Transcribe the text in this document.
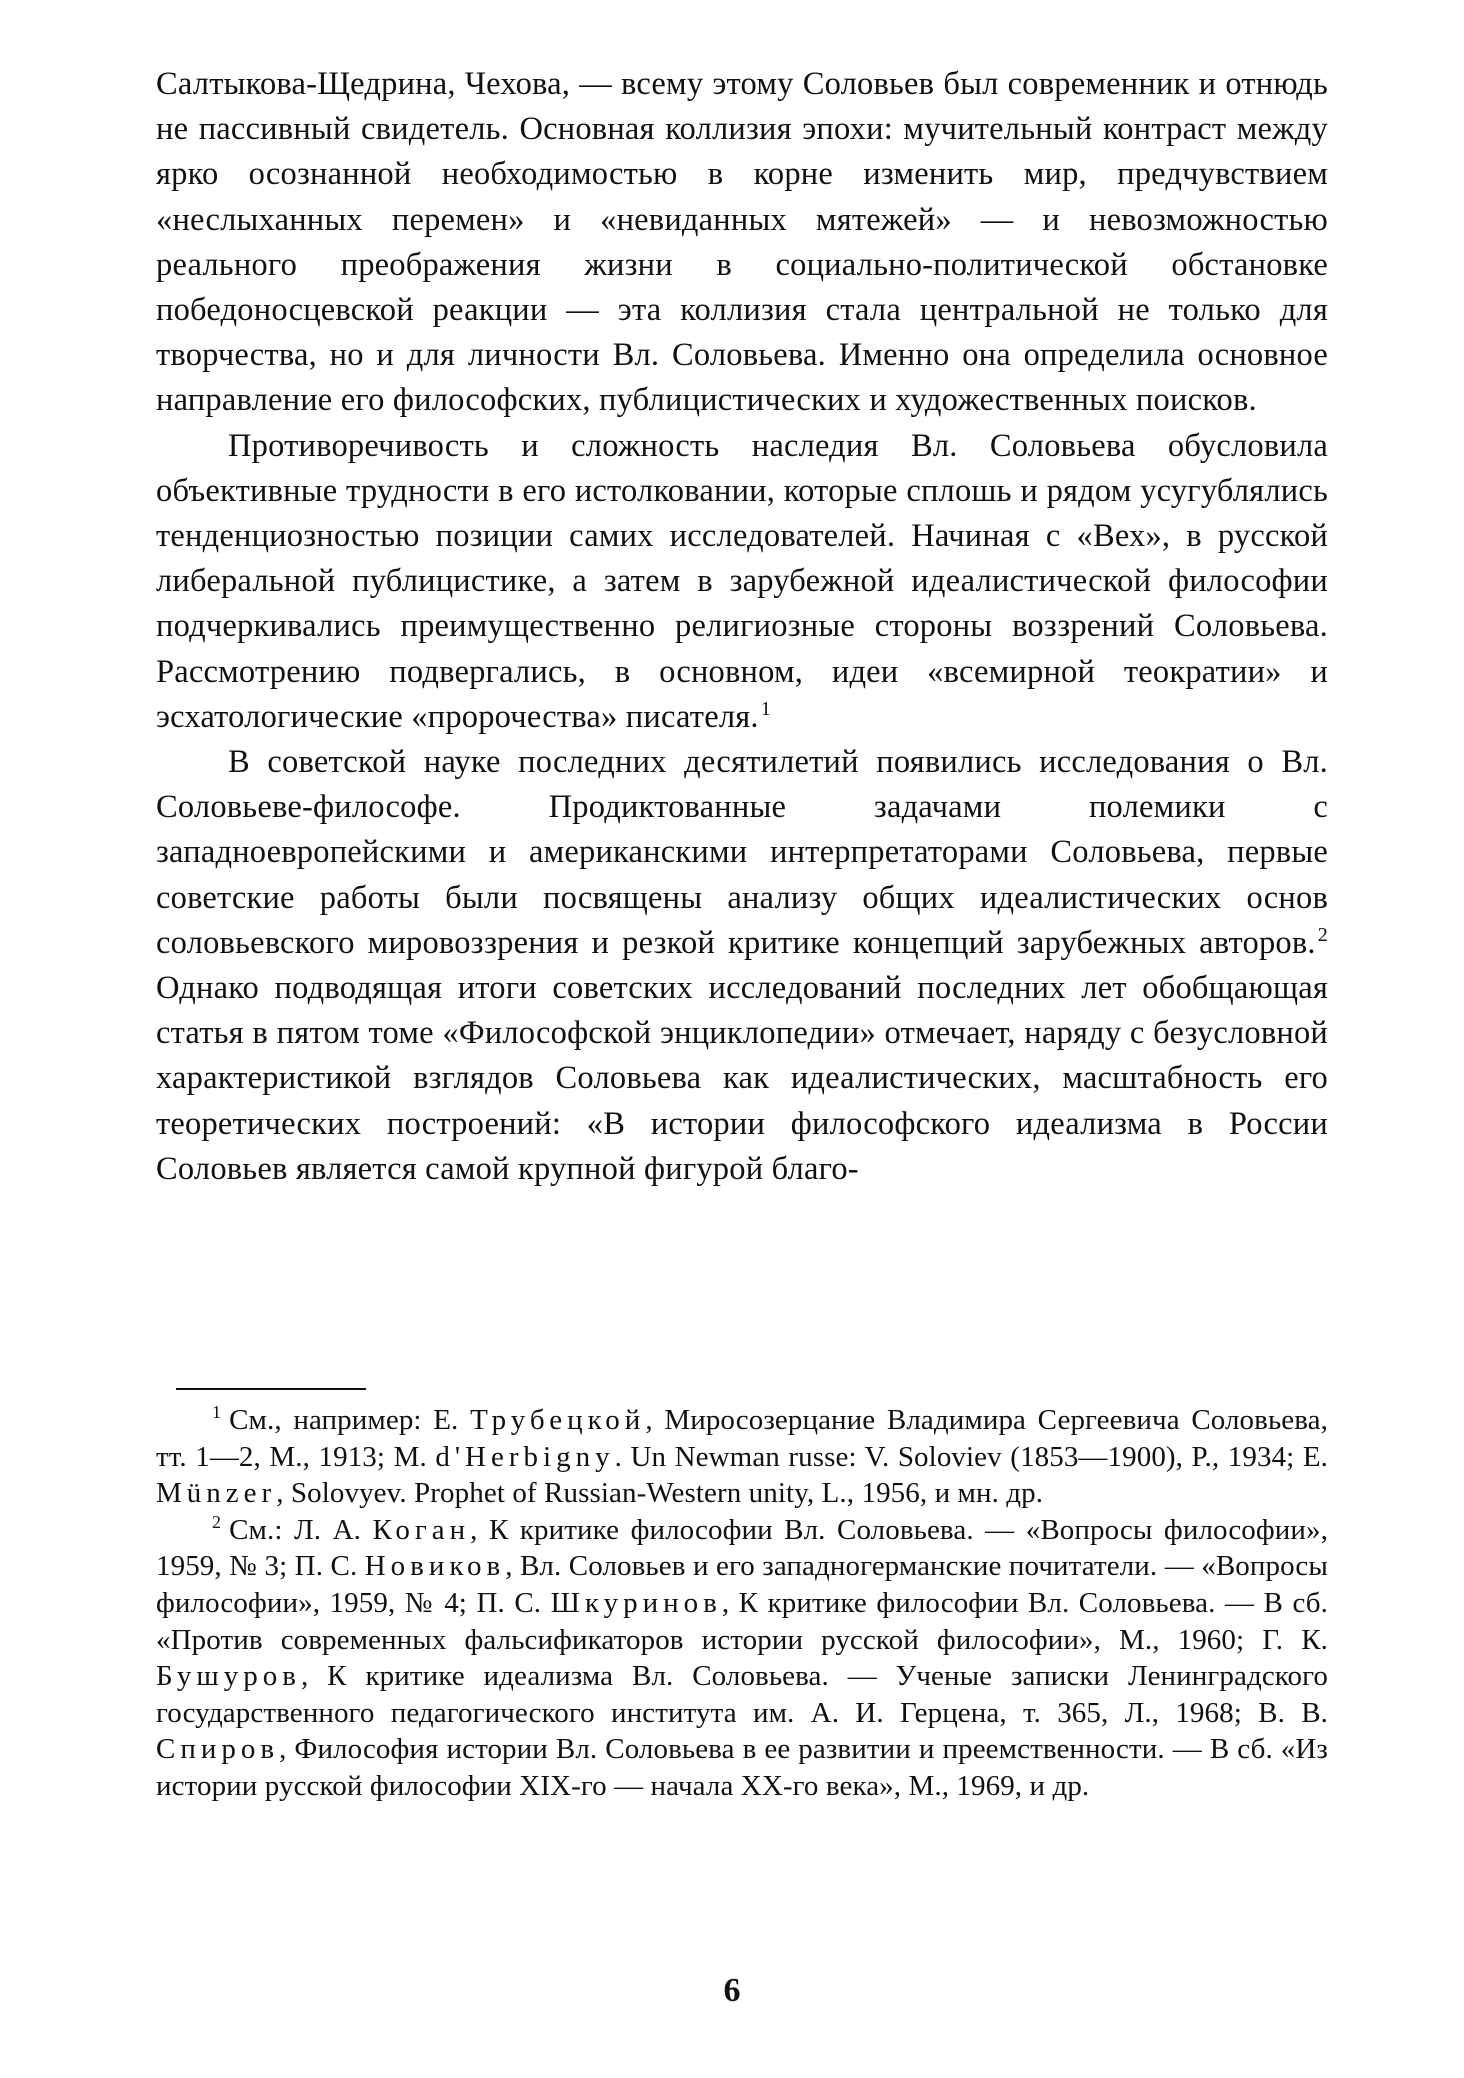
Салтыкова-Щедрина, Чехова, — всему этому Соловьев был современник и отнюдь не пассивный свидетель. Основная коллизия эпохи: мучительный контраст между ярко осознанной необходимостью в корне изменить мир, предчувствием «неслыханных перемен» и «невиданных мятежей» — и невозможностью реального преображения жизни в социально-политической обстановке победоносцевской реакции — эта коллизия стала центральной не только для творчества, но и для личности Вл. Соловьева. Именно она определила основное направление его философских, публицистических и художественных поисков.

Противоречивость и сложность наследия Вл. Соловьева обусловила объективные трудности в его истолковании, которые сплошь и рядом усугублялись тенденциозностью позиции самих исследователей. Начиная с «Вех», в русской либеральной публицистике, а затем в зарубежной идеалистической философии подчеркивались преимущественно религиозные стороны воззрений Соловьева. Рассмотрению подвергались, в основном, идеи «всемирной теократии» и эсхатологические «пророчества» писателя.$^1$

В советской науке последних десятилетий появились исследования о Вл. Соловьеве-философе. Продиктованные задачами полемики с западноевропейскими и американскими интерпретаторами Соловьева, первые советские работы были посвящены анализу общих идеалистических основ соловьевского мировоззрения и резкой критике концепций зарубежных авторов.$^2$ Однако подводящая итоги советских исследований последних лет обобщающая статья в пятом томе «Философской энциклопедии» отмечает, наряду с безусловной характеристикой взглядов Соловьева как идеалистических, масштабность его теоретических построений: «В истории философского идеализма в России Соловьев является самой крупной фигурой благо-

$^1$ См., например: Е. Трубецкой, Миросозерцание Владимира Сергеевича Соловьева, тт. 1—2, М., 1913; М. d'Herbigny. Un Newman russe: V. Soloviev (1853—1900), P., 1934; E. Münzer, Solovyev. Prophet of Russian-Western unity, L., 1956, и мн. др.

$^2$ См.: Л. А. Коган, К критике философии Вл. Соловьева. — «Вопросы философии», 1959, № 3; П. С. Новиков, Вл. Соловьев и его западногерманские почитатели. — «Вопросы философии», 1959, № 4; П. С. Шкуринов, К критике философии Вл. Соловьева. — В сб. «Против современных фальсификаторов истории русской философии», М., 1960; Г. К. Бушуров, К критике идеализма Вл. Соловьева. — Ученые записки Ленинградского государственного педагогического института им. А. И. Герцена, т. 365, Л., 1968; В. В. Спиров, Философия истории Вл. Соловьева в ее развитии и преемственности. — В сб. «Из истории русской философии XIX-го — начала XX-го века», М., 1969, и др.

6
